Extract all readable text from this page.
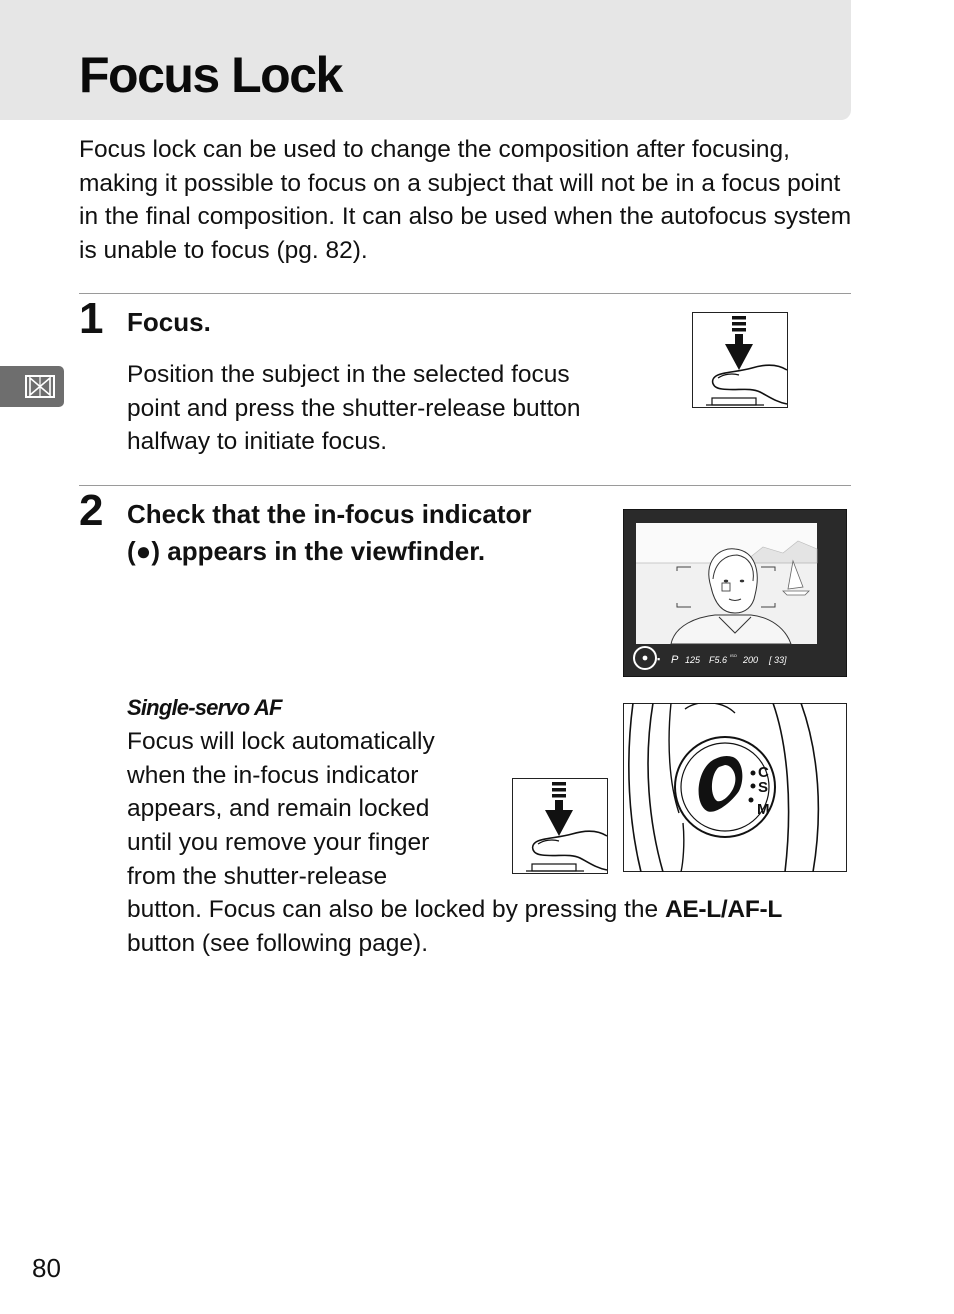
Focus Lock

Focus lock can be used to change the composition after focusing, making it possible to focus on a subject that will not be in a focus point in the final composition. It can also be used when the autofocus system is unable to focus (pg. 82).

1 Focus.

Position the subject in the selected focus point and press the shutter-release button halfway to initiate focus.

2 Check that the in-focus indicator
(●) appears in the viewfinder.
▪ P 125 F5.6 ISO 200 [ 33]
Single-servo AF

Focus will lock automatically

when the in-focus indicator

appears, and remain locked

until you remove your finger

from the shutter-release

button. Focus can also be locked by pressing the AE-L/AF-L

button (see following page).

C
S
M
80
